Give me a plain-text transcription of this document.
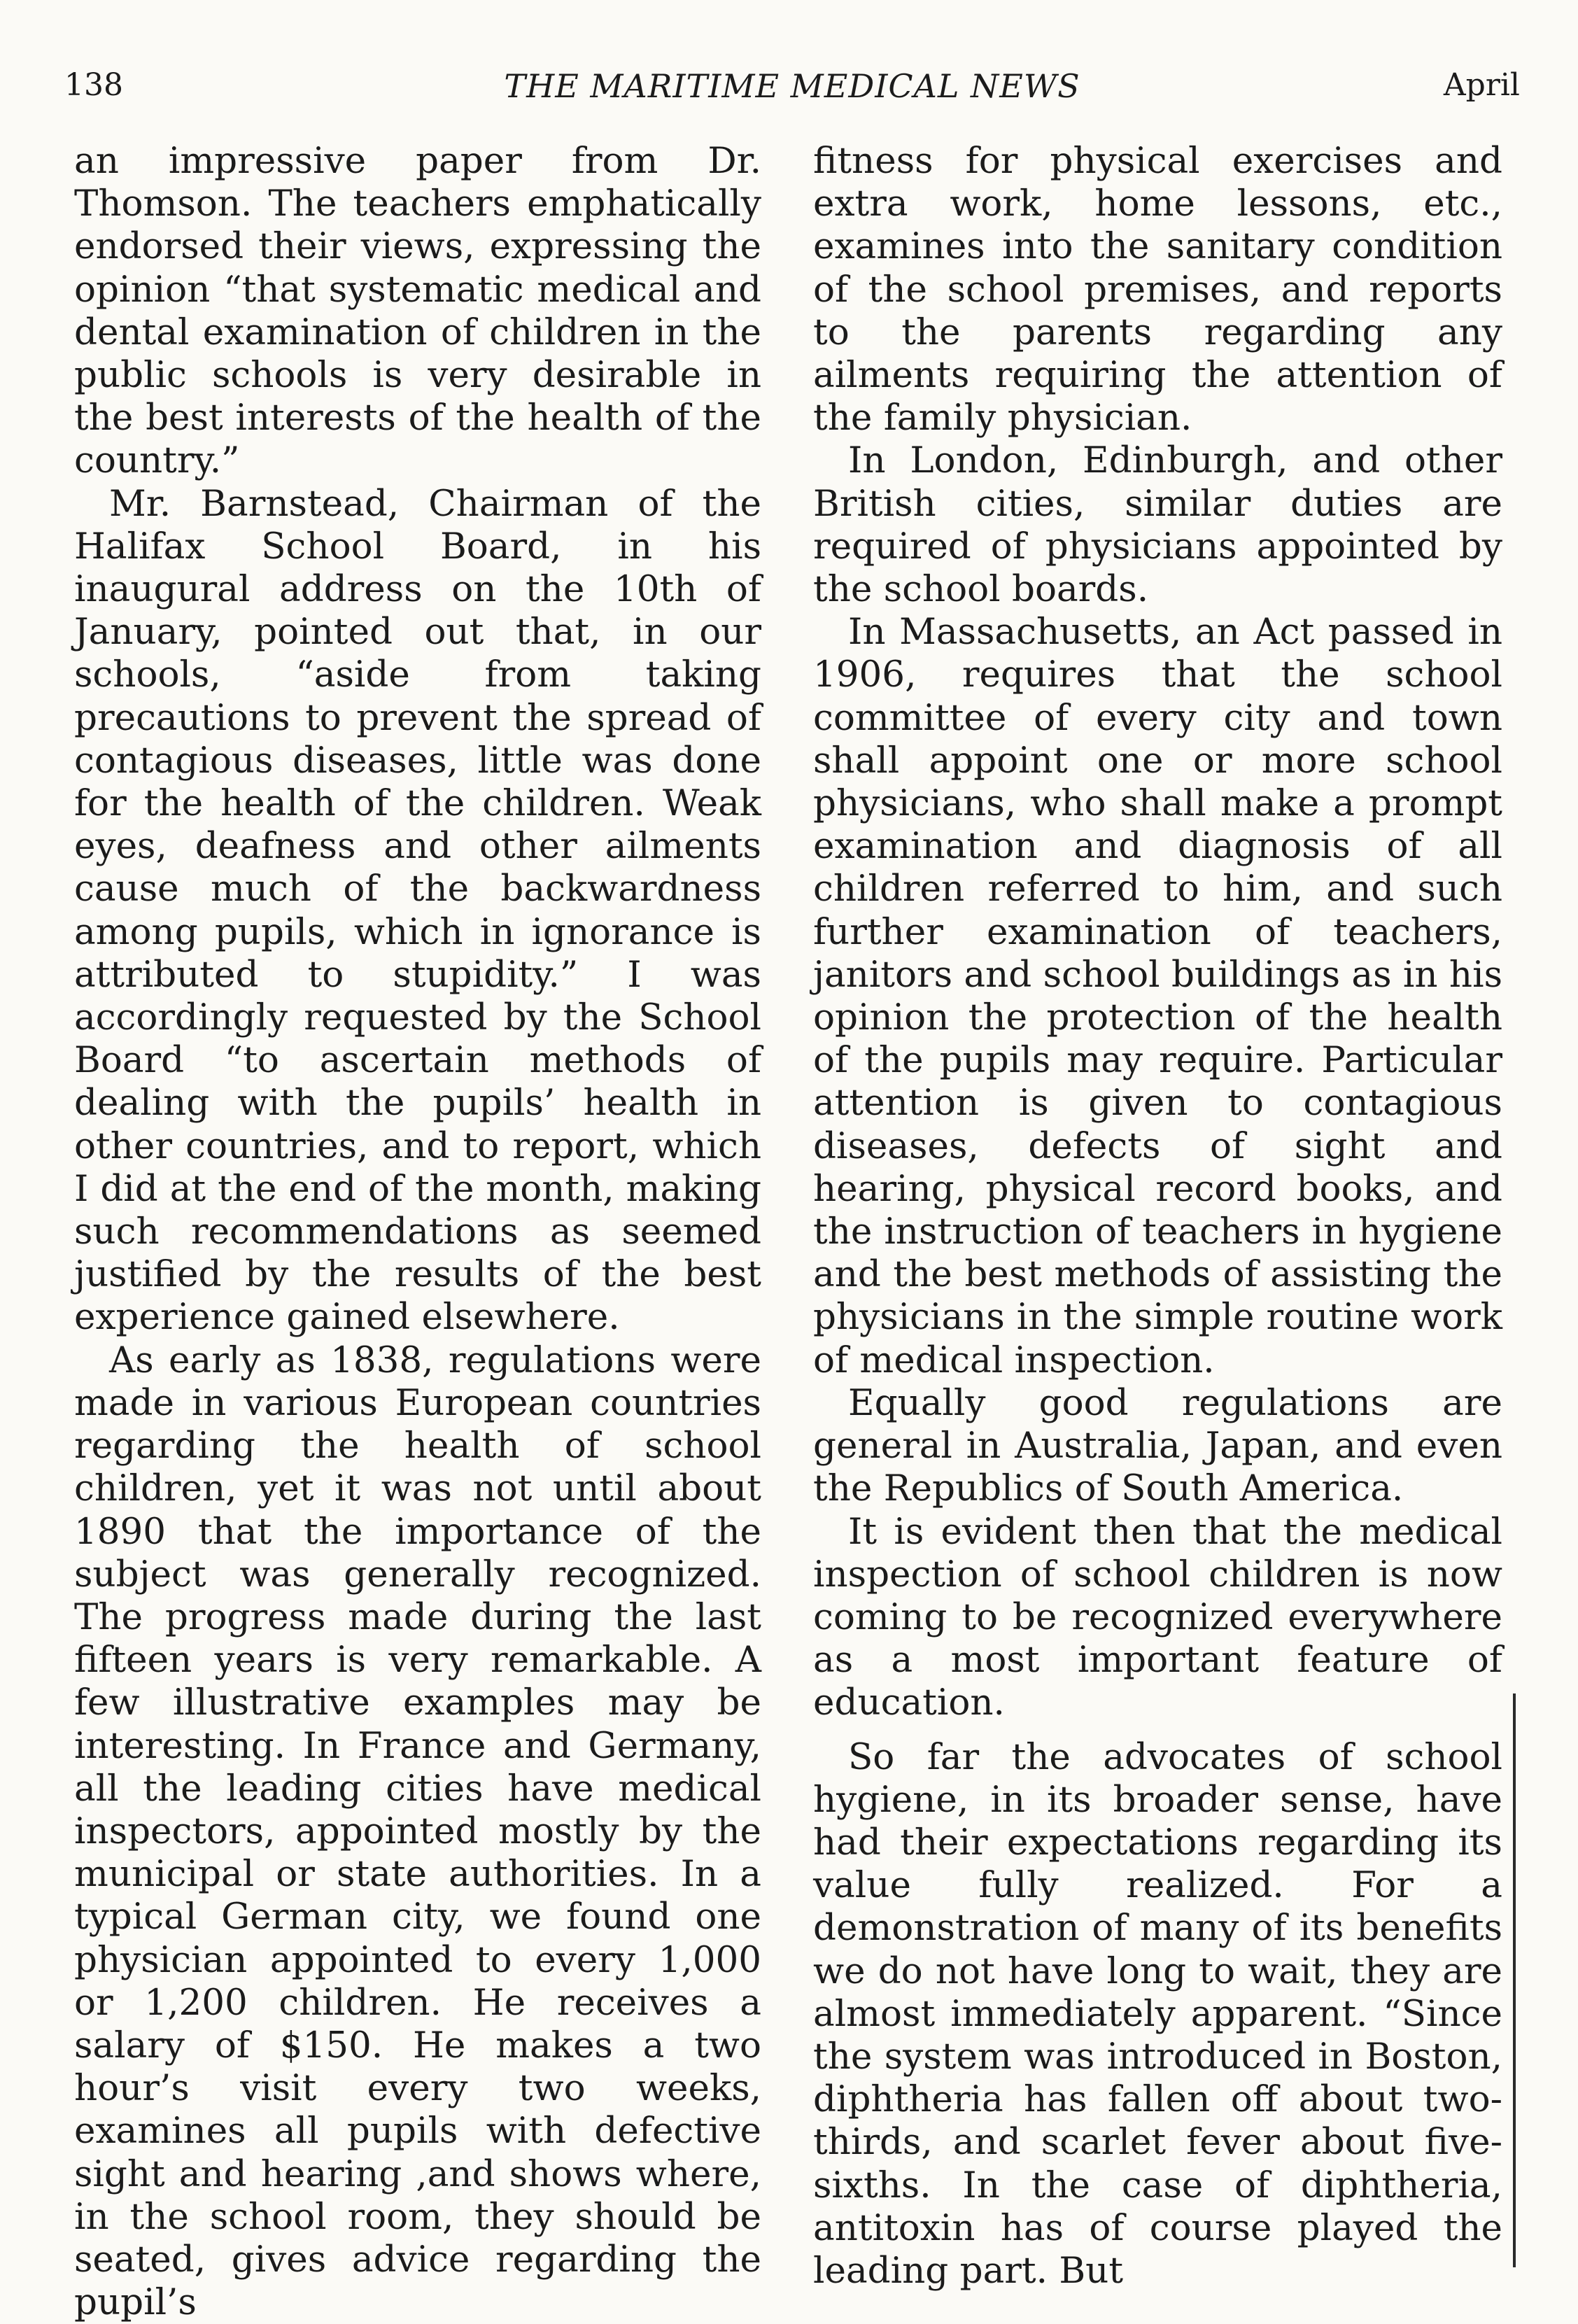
138	THE MARITIME MEDICAL NEWS	April

an impressive paper from Dr. Thomson. The teachers emphatically endorsed their views, expressing the opinion “that systematic medical and dental examination of children in the public schools is very desirable in the best interests of the health of the country.”

Mr. Barnstead, Chairman of the Halifax School Board, in his inaugural address on the 10th of January, pointed out that, in our schools, “aside from taking precautions to prevent the spread of contagious diseases, little was done for the health of the children. Weak eyes, deafness and other ailments cause much of the backwardness among pupils, which in ignorance is attributed to stupidity.” I was accordingly requested by the School Board “to ascertain methods of dealing with the pupils’ health in other countries, and to report, which I did at the end of the month, making such recommendations as seemed justified by the results of the best experience gained elsewhere.

As early as 1838, regulations were made in various European countries regarding the health of school children, yet it was not until about 1890 that the importance of the subject was generally recognized. The progress made during the last fifteen years is very remarkable. A few illustrative examples may be interesting. In France and Germany, all the leading cities have medical inspectors, appointed mostly by the municipal or state authorities. In a typical German city, we found one physician appointed to every 1,000 or 1,200 children. He receives a salary of $150. He makes a two hour’s visit every two weeks, examines all pupils with defective sight and hearing ,and shows where, in the school room, they should be seated, gives advice regarding the pupil’s

fitness for physical exercises and extra work, home lessons, etc., examines into the sanitary condition of the school premises, and reports to the parents regarding any ailments requiring the attention of the family physician.

In London, Edinburgh, and other British cities, similar duties are required of physicians appointed by the school boards.

In Massachusetts, an Act passed in 1906, requires that the school committee of every city and town shall appoint one or more school physicians, who shall make a prompt examination and diagnosis of all children referred to him, and such further examination of teachers, janitors and school buildings as in his opinion the protection of the health of the pupils may require. Particular attention is given to contagious diseases, defects of sight and hearing, physical record books, and the instruction of teachers in hygiene and the best methods of assisting the physicians in the simple routine work of medical inspection.

Equally good regulations are general in Australia, Japan, and even the Republics of South America.

It is evident then that the medical inspection of school children is now coming to be recognized everywhere as a most important feature of education.

So far the advocates of school hygiene, in its broader sense, have had their expectations regarding its value fully realized. For a demonstration of many of its benefits we do not have long to wait, they are almost immediately apparent. “Since the system was introduced in Boston, diphtheria has fallen off about two-thirds, and scarlet fever about five-sixths. In the case of diphtheria, antitoxin has of course played the leading part. But
